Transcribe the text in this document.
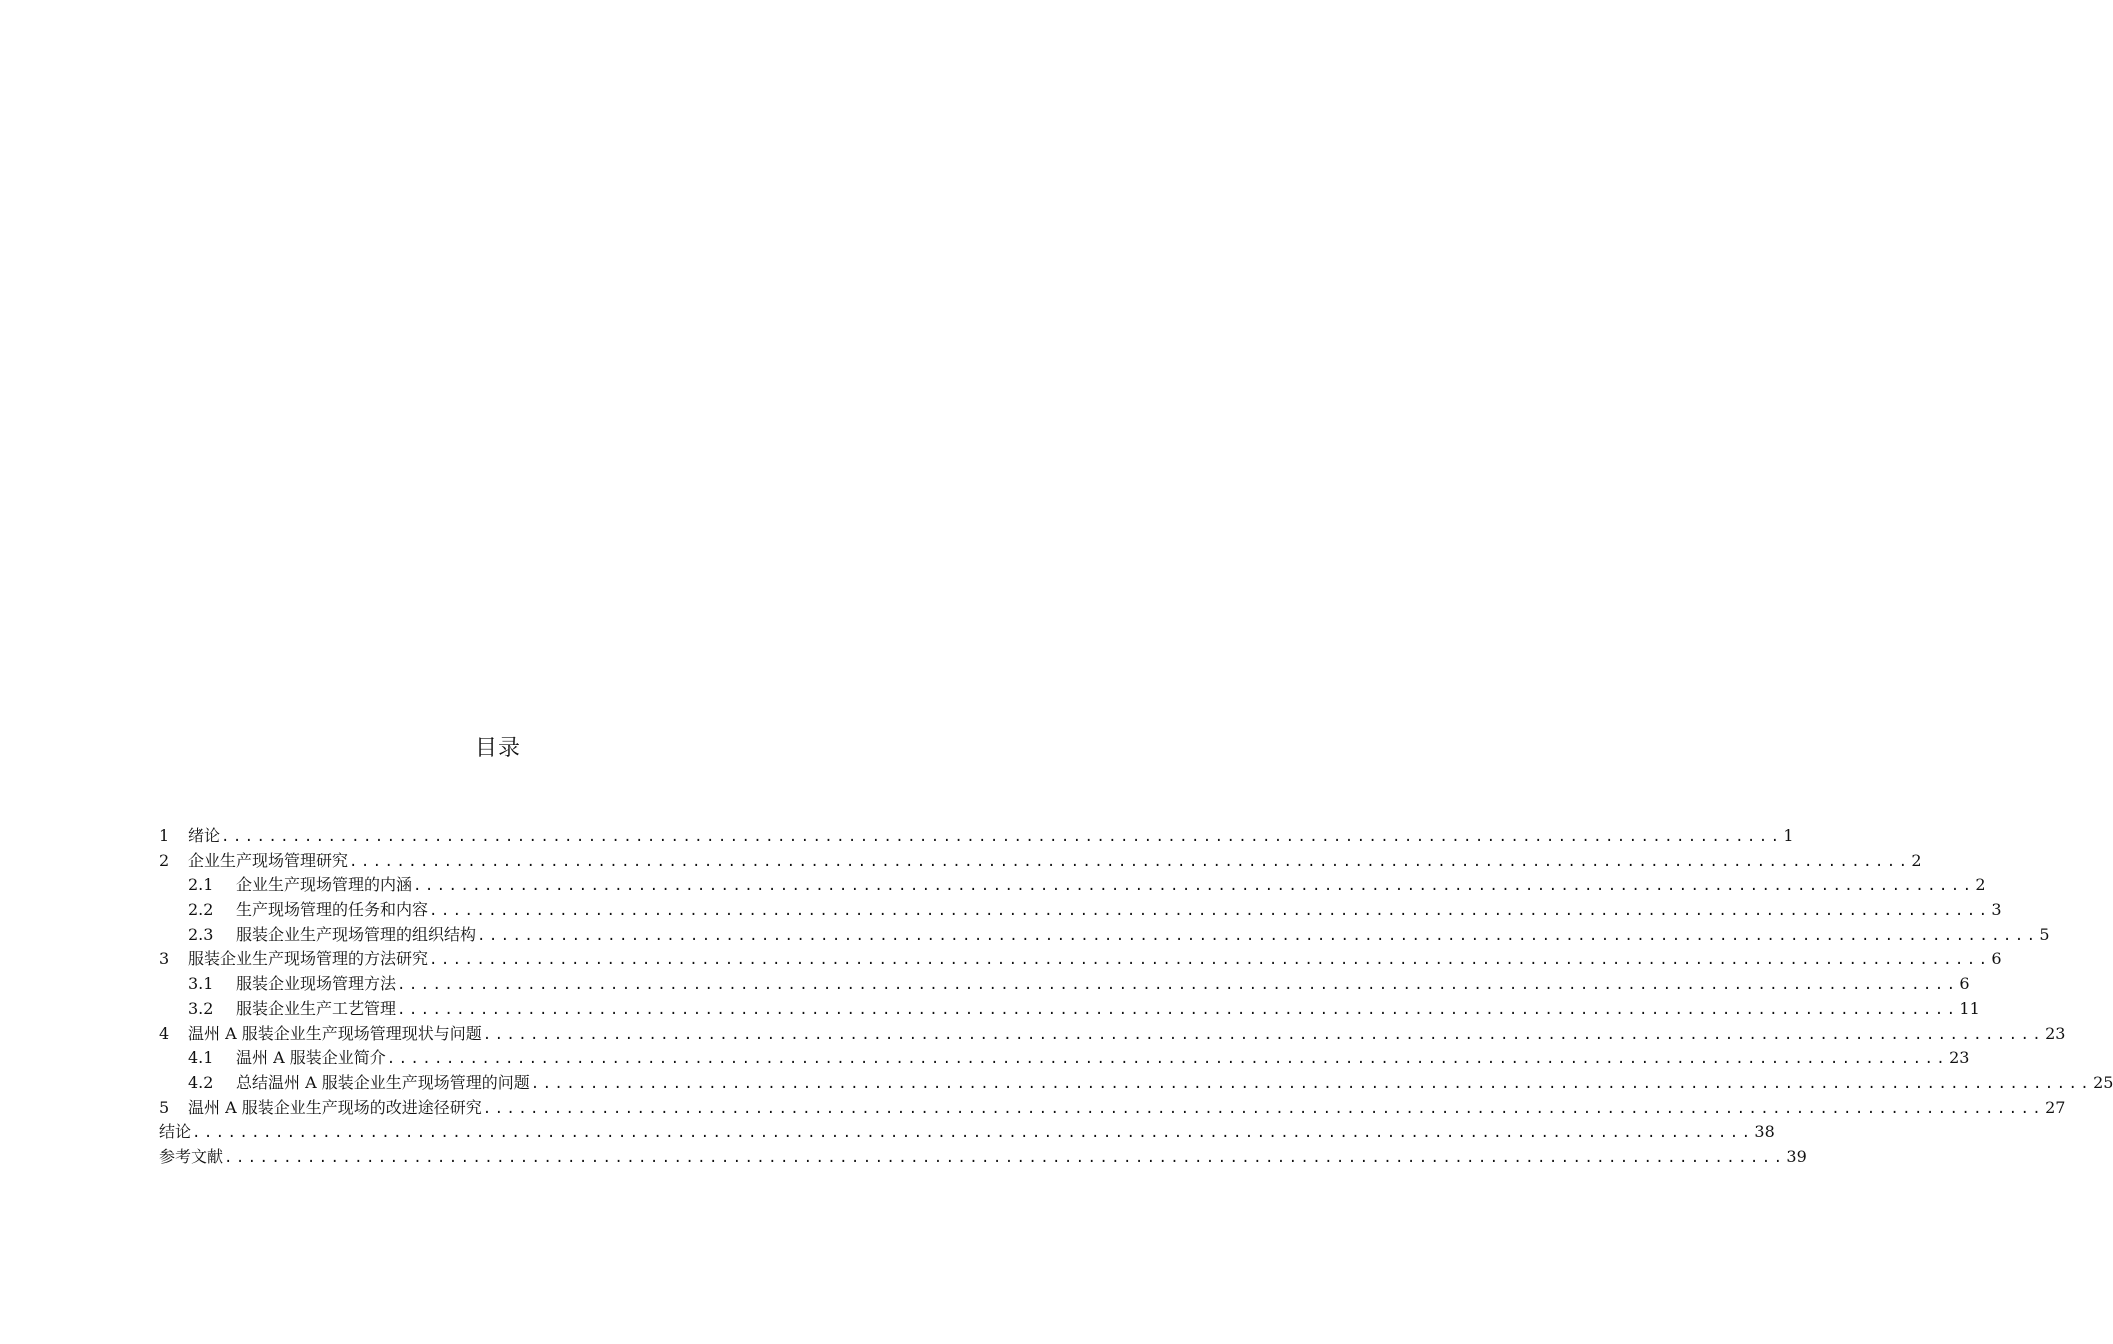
目录
1	绪论 .................................................................................................................................... 1
2	企业生产现场管理研究 .................................................................................................................................... 2
2.1	企业生产现场管理的内涵 .................................................................................................................................... 2
2.2	生产现场管理的任务和内容 .................................................................................................................................... 3
2.3	服装企业生产现场管理的组织结构 .................................................................................................................................... 5
3	服装企业生产现场管理的方法研究 .................................................................................................................................... 6
3.1	服装企业现场管理方法 .................................................................................................................................... 6
3.2	服装企业生产工艺管理 .................................................................................................................................... 11
4	温州 A 服装企业生产现场管理现状与问题 .................................................................................................................................... 23
4.1	温州 A 服装企业简介 .................................................................................................................................... 23
4.2	总结温州 A 服装企业生产现场管理的问题 .................................................................................................................................... 25
5	温州 A 服装企业生产现场的改进途径研究 .................................................................................................................................... 27
结论 .................................................................................................................................... 38
参考文献 .................................................................................................................................... 39
